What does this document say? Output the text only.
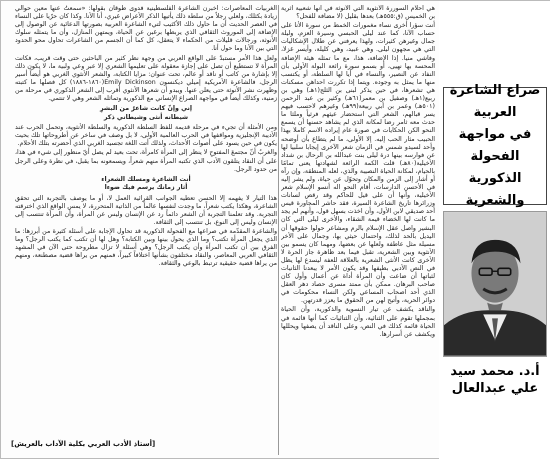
صراع الشاعرة العربية
في مواجهة الفحولة
الذكورية والشعرية
أ.د. محمد سيد
علي عبدالعال

هي أحلام السوررة الأنثوية التي الأنوثة في أنها شعبية أثرية بن الخميس (ق:٥٥٥هـ) بعدها بقليل (لا مضافة للفحل؟

أنت سؤرا أخرى نساء مغمورات الخمط من سورة الأنا على حساب الآنا، كما عند ليلى الحبسي وسيرة العزم، وليلة جمال وغيرهن كثيرات، ولهذا يعرفني عن طلال الإشكاليات التي هي مجهون ليلى. وهي عبيد، وهي كليلة، وأيسر غزلا، وفاشي منيا. إذا الإضافة، هذا، مع ما تمثله هيئة الإضافة المحسة بها نهيى، أو بسمو سورة رائعة البولة الأولى بأن النفاد عن النصير، والنساء في أيا لها السلطة، أو يكتسب منها ما يمثل به وجوده. ويتما إذا تكررت احداهن مسكنات هي تشعرها، في حين يذكر لبنى بن الثلج(١هـ) وهي بن ربيع(١هـ) وصفيل بن معمر(٦١هـ) وكثير بن عبد الرحمن (٥٠١هـ) وعمر بن أبي ربيعة(٩٩هـ) وغيرهم لاحسب فيهم يسر قبالهم، الشعر التي استحضار عيثهم فرثياً وملثا ما حدث معه ثامر رضا لمكانة الذي لم يشاهد حسنها أن يسمع النحو الكن الحكايات في صورة عام إيراده الاسم كاملا بهذا الحبيب مثار الحب إليه. إلا الأولى، ما لم يتطاع بأن أوضحه وأحد لسيدو شمس في الزمان شعر الآخرى إيجابا سلبيا لها عن فوارسه بينها درة ليلى بنت عبدالله بن الرحال بن شداد الأخيلية(٨٠هـ) قلت الكمة الرائعة لشهادتها يعنى تمامًا بالحيام، لمكانة الحياة النصيبة والذي، لعله المنطقة، وإن رآه أو أشار إلى الزمن والمكان وتحوّل عن حياة، ولم يشر إليه في الأحسن الدارسات، أقام النحو اله أنسو الإسلام شعر الأخيلية، وأنها أن على قيل للحاكم وقد رقص لسانات وزرائرها تاريخ الشاعرة السيرة، فقد حاشر المجاورة قيس أحد صديقي لابن الأول، وأن اخذت بسهل قول، وأنهم لم يجد ما كانت لها الخضاء قيمة الشقاء، والأخرى ليلى التي كان البشير واصل عقل الإسلام بالرم ومشاعر حولوا حقوقها أن اليديل بالحد لذلك، واحتمال حيثي بها، وجمال على الأخر مسيلة مثل عاطفة ولعلها عن بعضها، ومهما كان يسمو بين الأنثوية وبين الشعرية، تقبل فيما بعد ظاهرة جاز الحرة لا الأخرى كانت الأنثى الشعرية بالعلاقة للعفة ليسدع لها يظل في النص الأدبي بطيفها وقد يكون الأمر لا يبعدنا الثانيات لثباتها أن ضاعت وأن المرأة أداة عن أعمال وأول كان صاحب البرهان. ممكن بأن ممتد مسرى حصاد دهر العقل الذي أحد اصحاب المساعي ولكن النساء محكومات في دوائر الحرية، وأتيح لهن من الحقوق ما يعزز قدرتهن.

والناقد يكشف عن تيار النسوية والذكورية، وأن الحياة بمجملها تقوم على الثنائية، وأن الثنائيات كما أنها قائمة في الحياة قائمة كذلك في النص، وعلى الناقد أن يصفها ويحللها ويكشف عن أسرارها.

الغربيات المعاصرات: أخبرن الشاعرة الفلسطينية فدوى طوقان بقولها: «سمعتُ عنها معين حوالي زيادة بكثلك، ولعلي رجلاً من سلطة ذلك يأتيها الذكر الأعراض غيري، أنا الأنا. وكذا كان حرّيا على النساء في العصر الحديث أن ما حاول ذلك الأكثيب لتيء الشاعرة العربية بصورتها الدعائية عن الوصول إلى الإضافة إلى الموروث الثقافي الذي يربطها برغبن عن الحياة، ويمتهن المنازل، وأن ما يتمثله سلوك الأنوثة، ورجالات قليلات من الحكماء لا يتعقل، كل كما أن الجسم من الشاعرات تحاول محو الحدود التي بين الأنا وما حول أنا.

ولعل هذا الأمر مستبدٌ على الواقع العربي من وجهة نظر كثير من الباحثين حتى وقت قريب، فكانت المرأة لا تستطيع أن تصل على إجازة معقولة على تعليمها الشعري إلا عبر وعي ولبية ما، لا يكون ذلك إلا بإشارة من كاتب أو ناقد أو عالم، تحت عنوان: مزايا الكتابة، والشعر الأنثوي الغربي هو أيضاً أسير الرجل، فالشاعرة الأمريكية إميلي ديكنسون Emily Dickinson(١٨٦٠-١٨٨٦) كل فصلها ما كتبته وظهرت نشر الأنوثة حتى يعلن عنها. ويبدو أن شعرها الأنثوي أقرب إلى الشعر الذكوري في مرحلة من زمنية، وكذلك أيضاً في مواجهة الصراع الإنساني مع الذكورية وتماثله الشعر وهي لا تنتمي.

إني وإنّ كانت شاعرٌ من البشرِ
شيطانه أنثى وشيطاني ذكر

ومن الأمثلة أن تجيء في مرحلة قديمة للفظ السلطة الذكورية والسلطة الأنثوية، وتحمل الحرب عند الأديبة الإنجليزية ومواقفها في الحرب العالمية الأولى، لا بل وصف في ساخر عن أطروحاتها تلك بحيث يكون في حين يسود على أصوات الأحداث، ولذلك أتت اللغة تجسيد الغربي الذي أحضرته بتلك الأحلام.

والغربُ أنّ مجتمعَ المفتوحِ لا ينظر إلى المرأة كامرأة، تحت بعيد لم يصل أيّ منظور إلى شيء في هذا، على أن النقاد يتلقون الأدب الذي تكتبه المرأة منهم شعراً، ويسمعونه بما يقبل، في نظرة وعلى الرجل من حدود الرجل.

أنت الشاعرة ومسلك الشعراء
أثار زمانك يرسم فيك ضوءا

هذا التيار لا يفهمه إلا الحسن تعطيه الجوانب القرائية العمل لا، أو ما يوصف بالتجربة التي تحقق الشاعرة، وهكذا يكتب شعراً، ما وجدت لنفسها عالماً من الذاتية المتحررة، لا يمس الواقع الذي اخترقته التجربة. وقد تعلمنا التجربة أن الشعر دائماً رد عن الإنسان وليس عن المرأة، وأن المرأة تنتسب إلى الإنسان وليس إلى النوع، بل تنتسب إلى الثقافة.

والشاعرة المقدّمة في صراعها مع الفحولة الذكورية قد تحاول الإجابة على أسئلة كثيرة من أبرزها: ما الذي يجعل المرأة تكتب؟ وما الذي يحول بينها وبين الكتابة؟ وهل لها أن تكتب كما يكتب الرجل؟ وما الفرق بين أن تكتب المرأة وأن يكتب الرجل؟ وهي أسئلة لا تزال مطروحة حتى الآن في المشهد الثقافي العربي المعاصر، والنقاد مختلفون بشأنها اختلافاً كبيراً، فمنهم من يراها قضية مصطنعة، ومنهم من يراها قضية حقيقية ترتبط بالوعي والثقافة.

[أستاذ الأدب العربي بكلية الآداب بالعريش]
